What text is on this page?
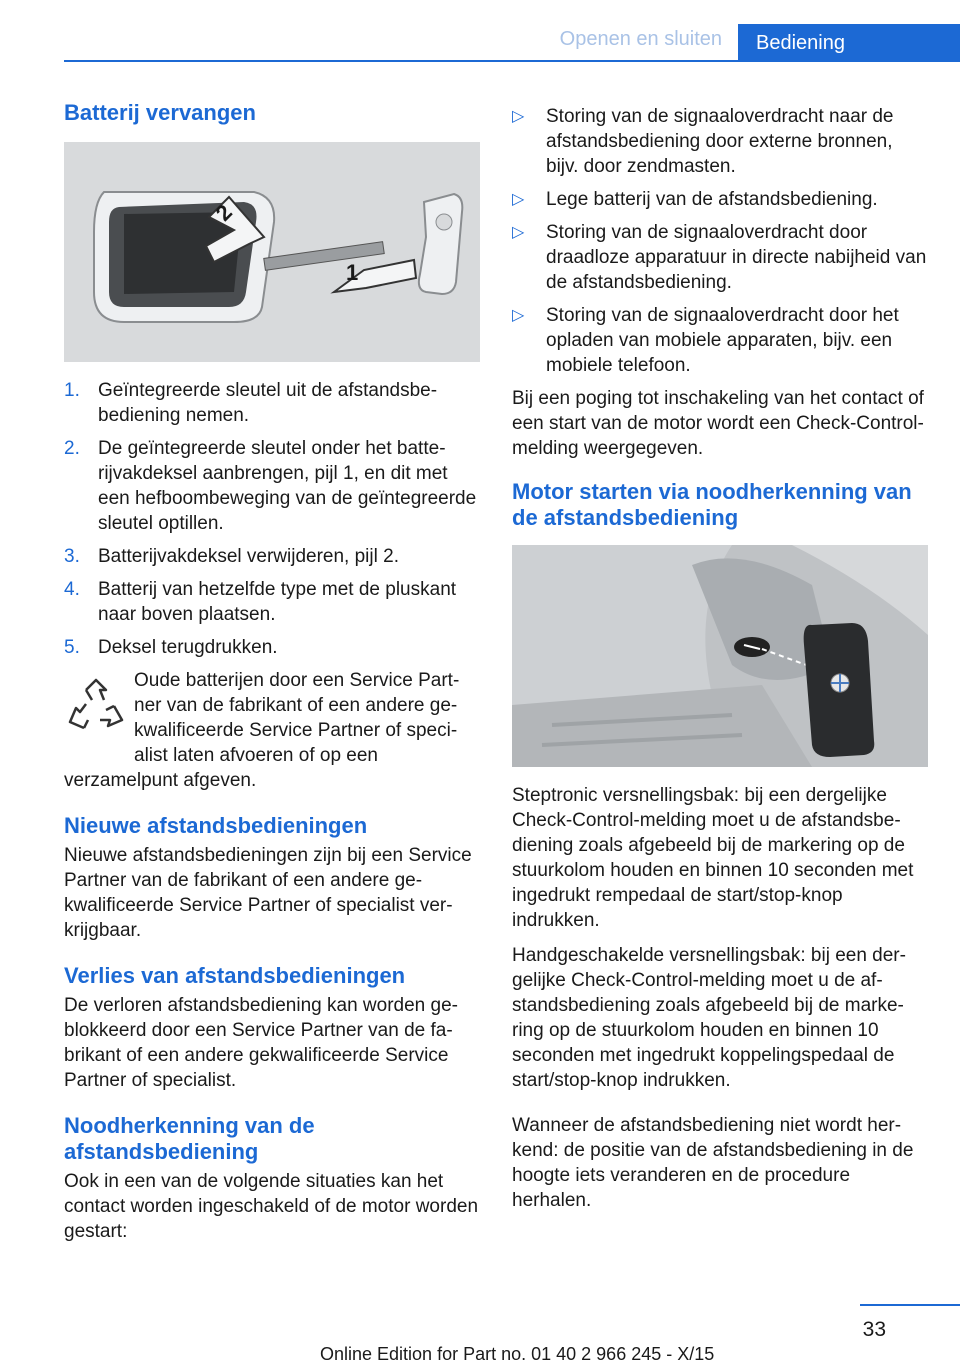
Openen en sluiten	Bediening
Batterij vervangen
2
1
1. Geïntegreerde sleutel uit de afstandsbebediening nemen.
2. De geïntegreerde sleutel onder het batterijvakdeksel aanbrengen, pijl 1, en dit met een hefboombeweging van de geïntegreerde sleutel optillen.
3. Batterijvakdeksel verwijderen, pijl 2.
4. Batterij van hetzelfde type met de pluskant naar boven plaatsen.
5. Deksel terugdrukken.
Oude batterijen door een Service Partner van de fabrikant of een andere gekwalificeerde Service Partner of specialist laten afvoeren of op een verzamelpunt afgeven.
Nieuwe afstandsbedieningen

Nieuwe afstandsbedieningen zijn bij een Service Partner van de fabrikant of een andere gekwalificeerde Service Partner of specialist verkrijgbaar.

Verlies van afstandsbedieningen

De verloren afstandsbediening kan worden geblokkeerd door een Service Partner van de fabrikant of een andere gekwalificeerde Service Partner of specialist.

Noodherkenning van de afstandsbediening

Ook in een van de volgende situaties kan het contact worden ingeschakeld of de motor worden gestart:

▷ Storing van de signaaloverdracht naar de afstandsbediening door externe bronnen, bijv. door zendmasten.
▷ Lege batterij van de afstandsbediening.
▷ Storing van de signaaloverdracht door draadloze apparatuur in directe nabijheid van de afstandsbediening.
▷ Storing van de signaaloverdracht door het opladen van mobiele apparaten, bijv. een mobiele telefoon.

Bij een poging tot inschakeling van het contact of een start van de motor wordt een Check-Control-melding weergegeven.

Motor starten via noodherkenning van de afstandsbediening

Steptronic versnellingsbak: bij een dergelijke Check-Control-melding moet u de afstandsbediening zoals afgebeeld bij de markering op de stuurkolom houden en binnen 10 seconden met ingedrukt rempedaal de start/stop-knop indrukken.

Handgeschakelde versnellingsbak: bij een dergelijke Check-Control-melding moet u de afstandsbediening zoals afgebeeld bij de markering op de stuurkolom houden en binnen 10 seconden met ingedrukt koppelingspedaal de start/stop-knop indrukken.

Wanneer de afstandsbediening niet wordt herkend: de positie van de afstandsbediening in de hoogte iets veranderen en de procedure herhalen.

33
Online Edition for Part no. 01 40 2 966 245 - X/15
